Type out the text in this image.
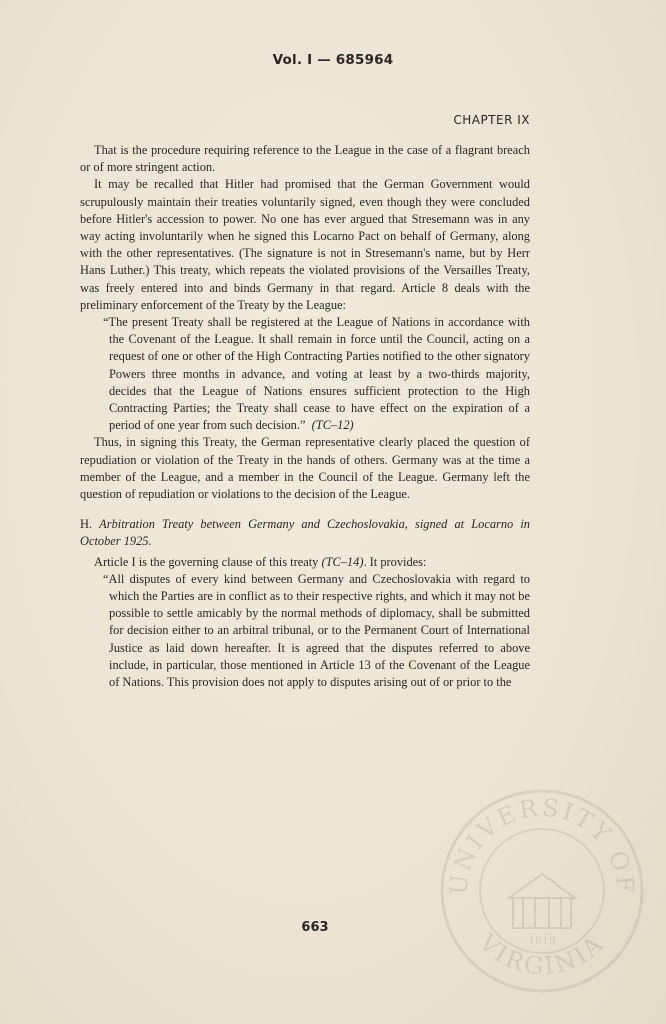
Vol. I — 685964
CHAPTER IX

That is the procedure requiring reference to the League in the case of a flagrant breach or of more stringent action.

It may be recalled that Hitler had promised that the German Government would scrupulously maintain their treaties voluntarily signed, even though they were concluded before Hitler's accession to power. No one has ever argued that Stresemann was in any way acting involuntarily when he signed this Locarno Pact on behalf of Germany, along with the other representatives. (The signature is not in Stresemann's name, but by Herr Hans Luther.) This treaty, which repeats the violated provisions of the Versailles Treaty, was freely entered into and binds Germany in that regard. Article 8 deals with the preliminary enforcement of the Treaty by the League:

“The present Treaty shall be registered at the League of Nations in accordance with the Covenant of the League. It shall remain in force until the Council, acting on a request of one or other of the High Contracting Parties notified to the other signatory Powers three months in advance, and voting at least by a two-thirds majority, decides that the League of Nations ensures sufficient protection to the High Contracting Parties; the Treaty shall cease to have effect on the expiration of a period of one year from such decision.” (TC–12)

Thus, in signing this Treaty, the German representative clearly placed the question of repudiation or violation of the Treaty in the hands of others. Germany was at the time a member of the League, and a member in the Council of the League. Germany left the question of repudiation or violations to the decision of the League.

H. Arbitration Treaty between Germany and Czechoslovakia, signed at Locarno in October 1925.

Article I is the governing clause of this treaty (TC–14). It provides:

“All disputes of every kind between Germany and Czechoslovakia with regard to which the Parties are in conflict as to their respective rights, and which it may not be possible to settle amicably by the normal methods of diplomacy, shall be submitted for decision either to an arbitral tribunal, or to the Permanent Court of International Justice as laid down hereafter. It is agreed that the disputes referred to above include, in particular, those mentioned in Article 13 of the Covenant of the League of Nations. This provision does not apply to disputes arising out of or prior to the

663
UNIVERSITY OF
VIRGINIA
1819
